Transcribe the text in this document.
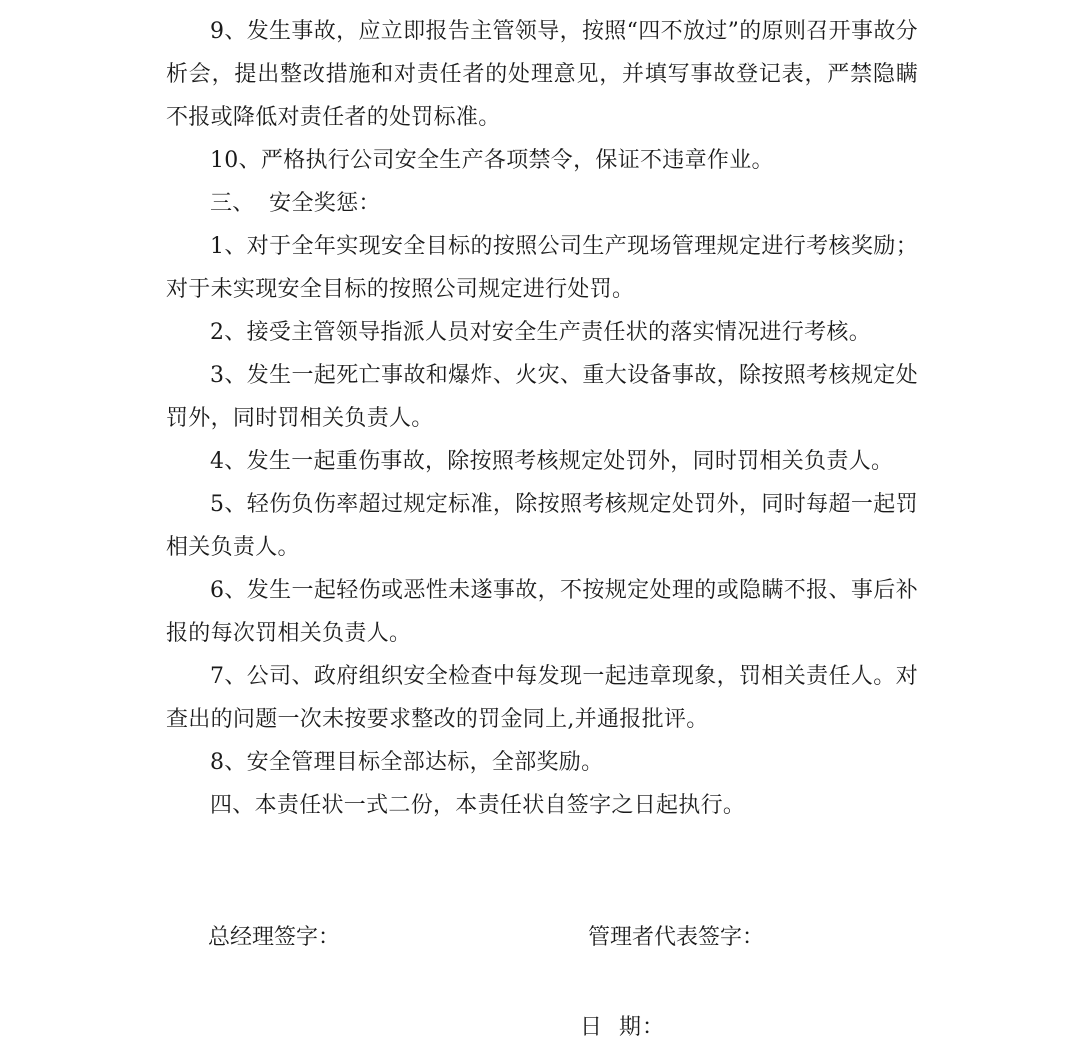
9、发生事故，应立即报告主管领导，按照“四不放过”的原则召开事故分析会，提出整改措施和对责任者的处理意见，并填写事故登记表，严禁隐瞒不报或降低对责任者的处罚标准。

10、严格执行公司安全生产各项禁令，保证不违章作业。

三、  安全奖惩：

1、对于全年实现安全目标的按照公司生产现场管理规定进行考核奖励；对于未实现安全目标的按照公司规定进行处罚。

2、接受主管领导指派人员对安全生产责任状的落实情况进行考核。

3、发生一起死亡事故和爆炸、火灾、重大设备事故，除按照考核规定处罚外，同时罚相关负责人。

4、发生一起重伤事故，除按照考核规定处罚外，同时罚相关负责人。

5、轻伤负伤率超过规定标准，除按照考核规定处罚外，同时每超一起罚相关负责人。

6、发生一起轻伤或恶性未遂事故，不按规定处理的或隐瞒不报、事后补报的每次罚相关负责人。

7、公司、政府组织安全检查中每发现一起违章现象，罚相关责任人。对查出的问题一次未按要求整改的罚金同上,并通报批评。

8、安全管理目标全部达标，全部奖励。

四、本责任状一式二份，本责任状自签字之日起执行。

总经理签字：	管理者代表签字：
日  期：
